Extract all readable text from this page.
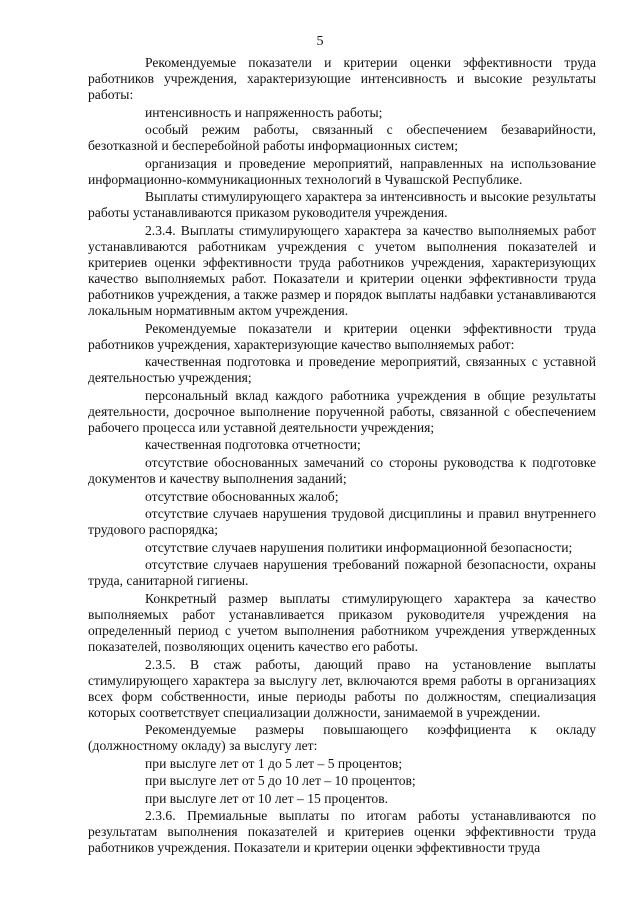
5

Рекомендуемые показатели и критерии оценки эффективности труда работников учреждения, характеризующие интенсивность и высокие результаты работы:

интенсивность и напряженность работы;

особый режим работы, связанный с обеспечением безаварийности, безотказной и бесперебойной работы информационных систем;

организация и проведение мероприятий, направленных на использование информационно-коммуникационных технологий в Чувашской Республике.

Выплаты стимулирующего характера за интенсивность и высокие результаты работы устанавливаются приказом руководителя учреждения.

2.3.4. Выплаты стимулирующего характера за качество выполняемых работ устанавливаются работникам учреждения с учетом выполнения показателей и критериев оценки эффективности труда работников учреждения, характеризующих качество выполняемых работ. Показатели и критерии оценки эффективности труда работников учреждения, а также размер и порядок выплаты надбавки устанавливаются локальным нормативным актом учреждения.

Рекомендуемые показатели и критерии оценки эффективности труда работников учреждения, характеризующие качество выполняемых работ:

качественная подготовка и проведение мероприятий, связанных с уставной деятельностью учреждения;

персональный вклад каждого работника учреждения в общие результаты деятельности, досрочное выполнение порученной работы, связанной с обеспечением рабочего процесса или уставной деятельности учреждения;

качественная подготовка отчетности;

отсутствие обоснованных замечаний со стороны руководства к подготовке документов и качеству выполнения заданий;

отсутствие обоснованных жалоб;

отсутствие случаев нарушения трудовой дисциплины и правил внутреннего трудового распорядка;

отсутствие случаев нарушения политики информационной безопасности;

отсутствие случаев нарушения требований пожарной безопасности, охраны труда, санитарной гигиены.

Конкретный размер выплаты стимулирующего характера за качество выполняемых работ устанавливается приказом руководителя учреждения на определенный период с учетом выполнения работником учреждения утвержденных показателей, позволяющих оценить качество его работы.

2.3.5. В стаж работы, дающий право на установление выплаты стимулирующего характера за выслугу лет, включаются время работы в организациях всех форм собственности, иные периоды работы по должностям, специализация которых соответствует специализации должности, занимаемой в учреждении.

Рекомендуемые размеры повышающего коэффициента к окладу (должностному окладу) за выслугу лет:

при выслуге лет от 1 до 5 лет – 5 процентов;

при выслуге лет от 5 до 10 лет – 10 процентов;

при выслуге лет от 10 лет – 15 процентов.

2.3.6. Премиальные выплаты по итогам работы устанавливаются по результатам выполнения показателей и критериев оценки эффективности труда работников учреждения. Показатели и критерии оценки эффективности труда
